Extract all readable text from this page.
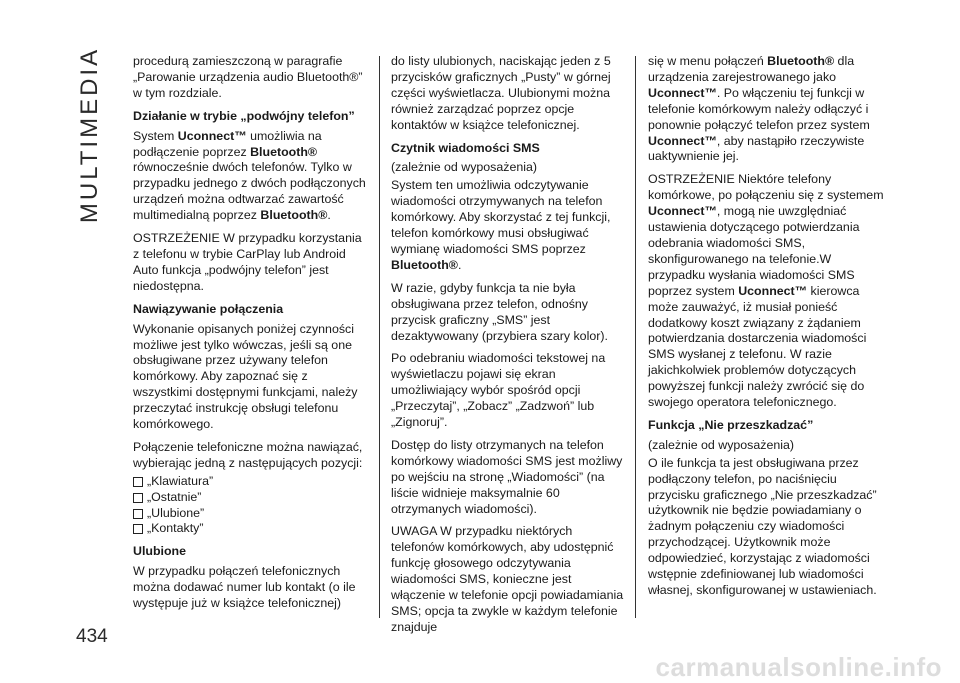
MULTIMEDIA procedurą zamieszczoną w paragrafie „Parowanie urządzenia audio Bluetooth®” w tym rozdziale.

Działanie w trybie „podwójny telefon”

System Uconnect™ umożliwia na podłączenie poprzez Bluetooth® równocześnie dwóch telefonów. Tylko w przypadku jednego z dwóch podłączonych urządzeń można odtwarzać zawartość multimedialną poprzez Bluetooth®.

OSTRZEŻENIE W przypadku korzystania z telefonu w trybie CarPlay lub Android Auto funkcja „podwójny telefon” jest niedostępna.

Nawiązywanie połączenia

Wykonanie opisanych poniżej czynności możliwe jest tylko wówczas, jeśli są one obsługiwane przez używany telefon komórkowy. Aby zapoznać się z wszystkimi dostępnymi funkcjami, należy przeczytać instrukcję obsługi telefonu komórkowego.

Połączenie telefoniczne można nawiązać, wybierając jedną z następujących pozycji:

„Klawiatura”
„Ostatnie”
„Ulubione”
„Kontakty”
Ulubione

W przypadku połączeń telefonicznych można dodawać numer lub kontakt (o ile występuje już w książce telefonicznej)

do listy ulubionych, naciskając jeden z 5 przycisków graficznych „Pusty” w górnej części wyświetlacza. Ulubionymi można również zarządzać poprzez opcje kontaktów w książce telefonicznej.

Czytnik wiadomości SMS

(zależnie od wyposażenia)

System ten umożliwia odczytywanie wiadomości otrzymywanych na telefon komórkowy. Aby skorzystać z tej funkcji, telefon komórkowy musi obsługiwać wymianę wiadomości SMS poprzez Bluetooth®.

W razie, gdyby funkcja ta nie była obsługiwana przez telefon, odnośny przycisk graficzny „SMS” jest dezaktywowany (przybiera szary kolor).

Po odebraniu wiadomości tekstowej na wyświetlaczu pojawi się ekran umożliwiający wybór spośród opcji „Przeczytaj”, „Zobacz” „Zadzwoń” lub „Zignoruj”.

Dostęp do listy otrzymanych na telefon komórkowy wiadomości SMS jest możliwy po wejściu na stronę „Wiadomości” (na liście widnieje maksymalnie 60 otrzymanych wiadomości).

UWAGA W przypadku niektórych telefonów komórkowych, aby udostępnić funkcję głosowego odczytywania wiadomości SMS, konieczne jest włączenie w telefonie opcji powiadamiania SMS; opcja ta zwykle w każdym telefonie znajduje

się w menu połączeń Bluetooth® dla urządzenia zarejestrowanego jako Uconnect™. Po włączeniu tej funkcji w telefonie komórkowym należy odłączyć i ponownie połączyć telefon przez system Uconnect™, aby nastąpiło rzeczywiste uaktywnienie jej.

OSTRZEŻENIE Niektóre telefony komórkowe, po połączeniu się z systemem Uconnect™, mogą nie uwzględniać ustawienia dotyczącego potwierdzania odebrania wiadomości SMS, skonfigurowanego na telefonie.W przypadku wysłania wiadomości SMS poprzez system Uconnect™ kierowca może zauważyć, iż musiał ponieść dodatkowy koszt związany z żądaniem potwierdzania dostarczenia wiadomości SMS wysłanej z telefonu. W razie jakichkolwiek problemów dotyczących powyższej funkcji należy zwrócić się do swojego operatora telefonicznego.

Funkcja „Nie przeszkadzać”

(zależnie od wyposażenia)

O ile funkcja ta jest obsługiwana przez podłączony telefon, po naciśnięciu przycisku graficznego „Nie przeszkadzać” użytkownik nie będzie powiadamiany o żadnym połączeniu czy wiadomości przychodzącej. Użytkownik może odpowiedzieć, korzystając z wiadomości wstępnie zdefiniowanej lub wiadomości własnej, skonfigurowanej w ustawieniach.

434
carmanualsonline.info
